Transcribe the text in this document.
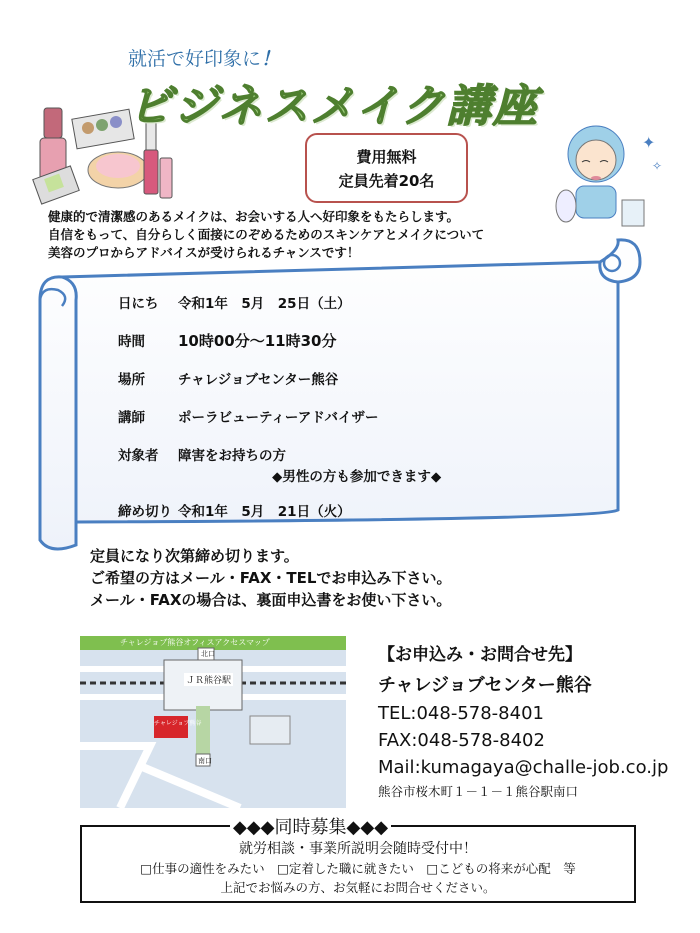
✦
✧
就活で好印象に！
ビジネスメイク講座
費用無料
定員先着20名
健康的で清潔感のあるメイクは、お会いする人へ好印象をもたらします。
自信をもって、自分らしく面接にのぞめるためのスキンケアとメイクについて
美容のプロからアドバイスが受けられるチャンスです！
日にち 令和1年　5月　25日（土）
時間 10時00分～11時30分
場所 チャレジョブセンター熊谷
講師 ポーラビューティーアドバイザー
対象者 障害をお持ちの方
◆男性の方も参加できます◆
締め切り 令和1年　5月　21日（火）
定員になり次第締め切ります。
ご希望の方はメール・FAX・TELでお申込み下さい。
メール・FAXの場合は、裏面申込書をお使い下さい。
チャレジョブ熊谷オフィスアクセスマップ
ＪＲ熊谷駅
北口
南口
チャレジョブ熊谷
【お申込み・お問合せ先】
チャレジョブセンター熊谷
TEL:048-578-8401
FAX:048-578-8402
Mail:kumagaya@challe-job.co.jp
熊谷市桜木町１－１－１熊谷駅南口
◆◆◆同時募集◆◆◆
就労相談・事業所説明会随時受付中！
□仕事の適性をみたい　□定着した職に就きたい　□こどもの将来が心配　等
上記でお悩みの方、お気軽にお問合せください。
